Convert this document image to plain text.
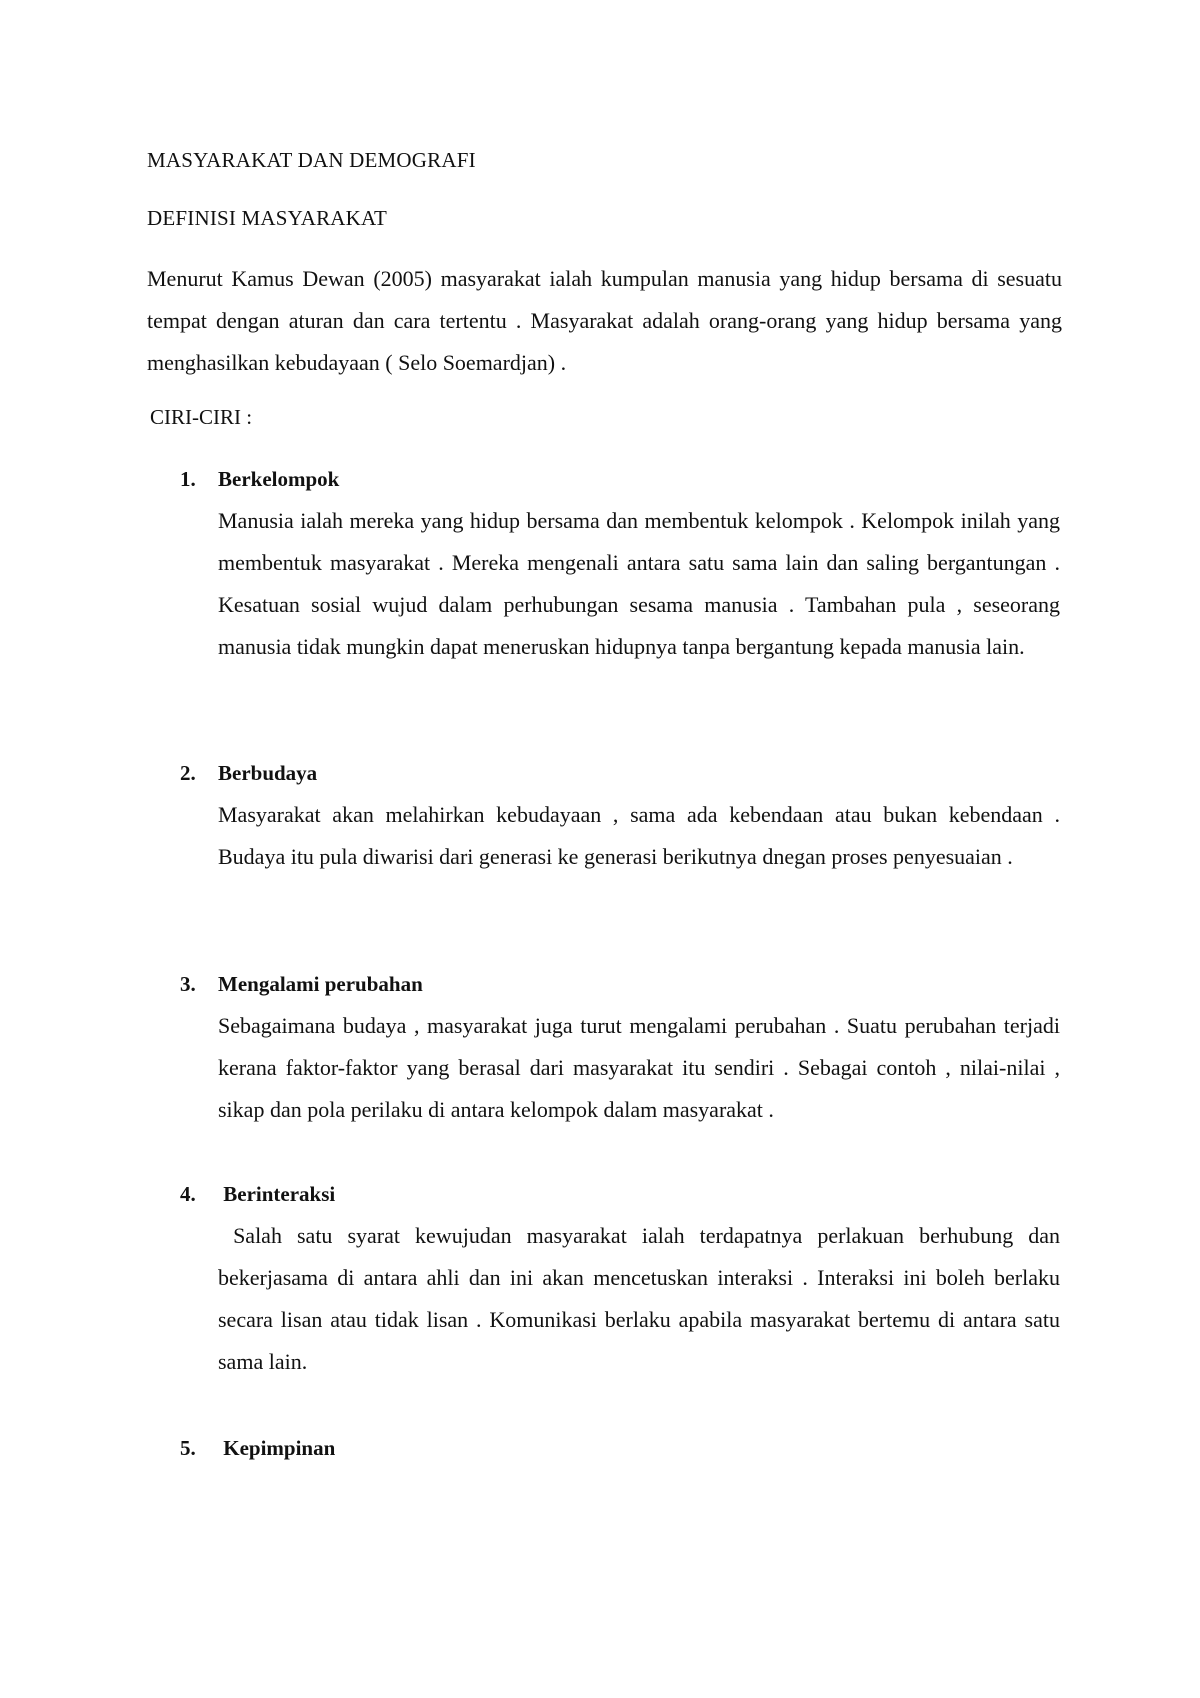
MASYARAKAT DAN DEMOGRAFI
DEFINISI MASYARAKAT

Menurut Kamus Dewan (2005) masyarakat ialah kumpulan manusia yang hidup bersama di sesuatu tempat dengan aturan dan cara tertentu . Masyarakat adalah orang-orang yang hidup bersama yang menghasilkan kebudayaan ( Selo Soemardjan) .

CIRI-CIRI :
1.	Berkelompok

Manusia ialah mereka yang hidup bersama dan membentuk kelompok . Kelompok inilah yang membentuk masyarakat . Mereka mengenali antara satu sama lain dan saling bergantungan . Kesatuan sosial wujud dalam perhubungan sesama manusia . Tambahan pula , seseorang manusia tidak mungkin dapat meneruskan hidupnya tanpa bergantung kepada manusia lain.

2.	Berbudaya

Masyarakat akan melahirkan kebudayaan , sama ada kebendaan atau bukan kebendaan . Budaya itu pula diwarisi dari generasi ke generasi berikutnya dnegan proses penyesuaian .

3.	Mengalami perubahan

Sebagaimana budaya , masyarakat juga turut mengalami perubahan . Suatu perubahan terjadi kerana faktor-faktor yang berasal dari masyarakat itu sendiri . Sebagai contoh , nilai-nilai , sikap dan pola perilaku di antara kelompok dalam masyarakat .

4.	Berinteraksi

Salah satu syarat kewujudan masyarakat ialah terdapatnya perlakuan berhubung dan bekerjasama di antara ahli dan ini akan mencetuskan interaksi . Interaksi ini boleh berlaku secara lisan atau tidak lisan . Komunikasi berlaku apabila masyarakat bertemu di antara satu sama lain.

5.	Kepimpinan
